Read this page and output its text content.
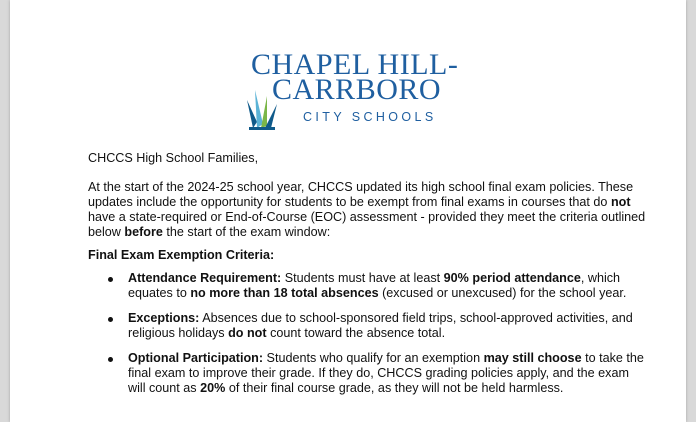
CHAPEL HILL-
CARRBORO
CITY SCHOOLS
CHCCS High School Families,
At the start of the 2024-25 school year, CHCCS updated its high school final exam policies. These updates include the opportunity for students to be exempt from final exams in courses that do not have a state-required or End-of-Course (EOC) assessment - provided they meet the criteria outlined below before the start of the exam window:
Final Exam Exemption Criteria:
Attendance Requirement: Students must have at least 90% period attendance, which equates to no more than 18 total absences (excused or unexcused) for the school year.
Exceptions: Absences due to school-sponsored field trips, school-approved activities, and religious holidays do not count toward the absence total.
Optional Participation: Students who qualify for an exemption may still choose to take the final exam to improve their grade. If they do, CHCCS grading policies apply, and the exam will count as 20% of their final course grade, as they will not be held harmless.
